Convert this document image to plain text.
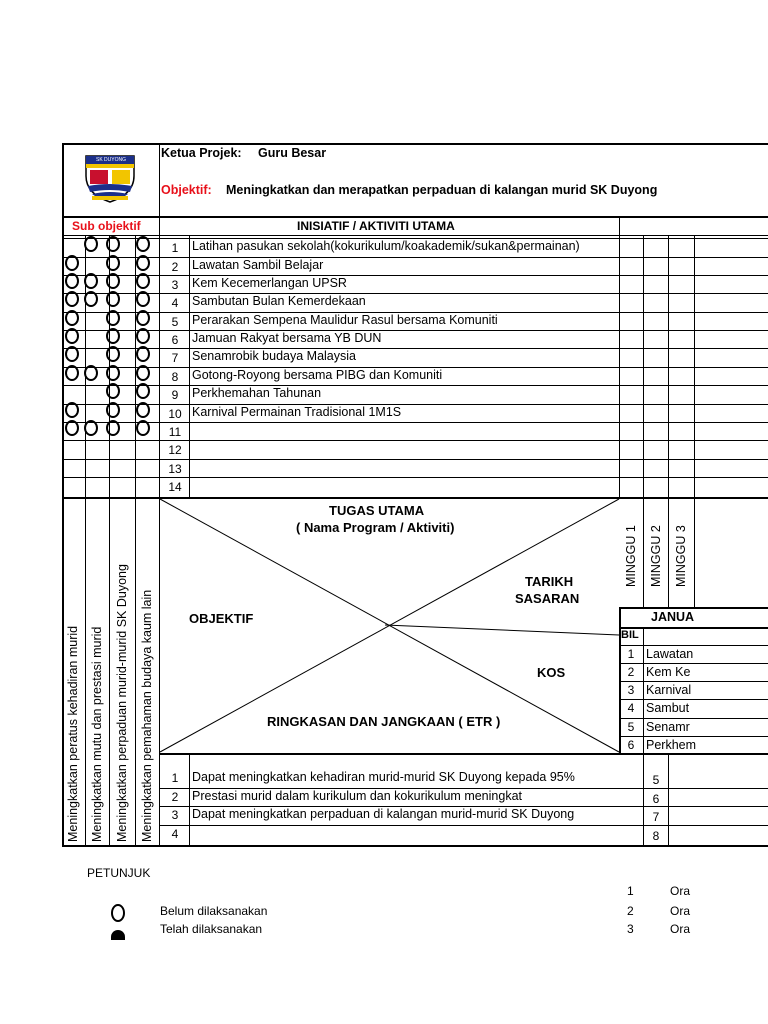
SK DUYONG	Ketua Projek: Guru Besar
Objektif: Meningkatkan dan merapatkan perpaduan di kalangan murid SK Duyong
Sub objektif	INISIATIF / AKTIVITI UTAMA
1	Latihan pasukan sekolah(kokurikulum/koakademik/sukan&permainan)
2	Lawatan Sambil Belajar
3	Kem Kecemerlangan UPSR
4	Sambutan Bulan Kemerdekaan
5	Perarakan Sempena Maulidur Rasul bersama Komuniti
6	Jamuan Rakyat bersama YB DUN
7	Senamrobik budaya Malaysia
8	Gotong-Royong bersama PIBG dan Komuniti
9	Perkhemahan Tahunan
10 Karnival Permainan Tradisional 1M1S
11
12
13
14
Meningkatkan peratus kehadiran murid Meningkatkan mutu dan prestasi murid Meningkatkan perpaduan murid-murid SK Duyong Meningkatkan pemahaman budaya kaum lain
TUGAS UTAMA
( Nama Program / Aktiviti)
OBJEKTIF
TARIKH
SASARAN
KOS
RINGKASAN DAN JANGKAAN ( ETR )
MINGGU 1 MINGGU 2 MINGGU 3
JANUA
BIL
1 Lawatan
2 Kem Ke
3 Karnival
4 Sambut
5 Senamr
6 Perkhem
1	Dapat meningkatkan kehadiran murid-murid SK Duyong kepada 95%	5
2	Prestasi murid dalam kurikulum dan kokurikulum meningkat	6
3	Dapat meningkatkan perpaduan di kalangan murid-murid SK Duyong	7
4	8
PETUNJUK
Belum dilaksanakan
Telah dilaksanakan
1	Ora
2	Ora
3	Ora
